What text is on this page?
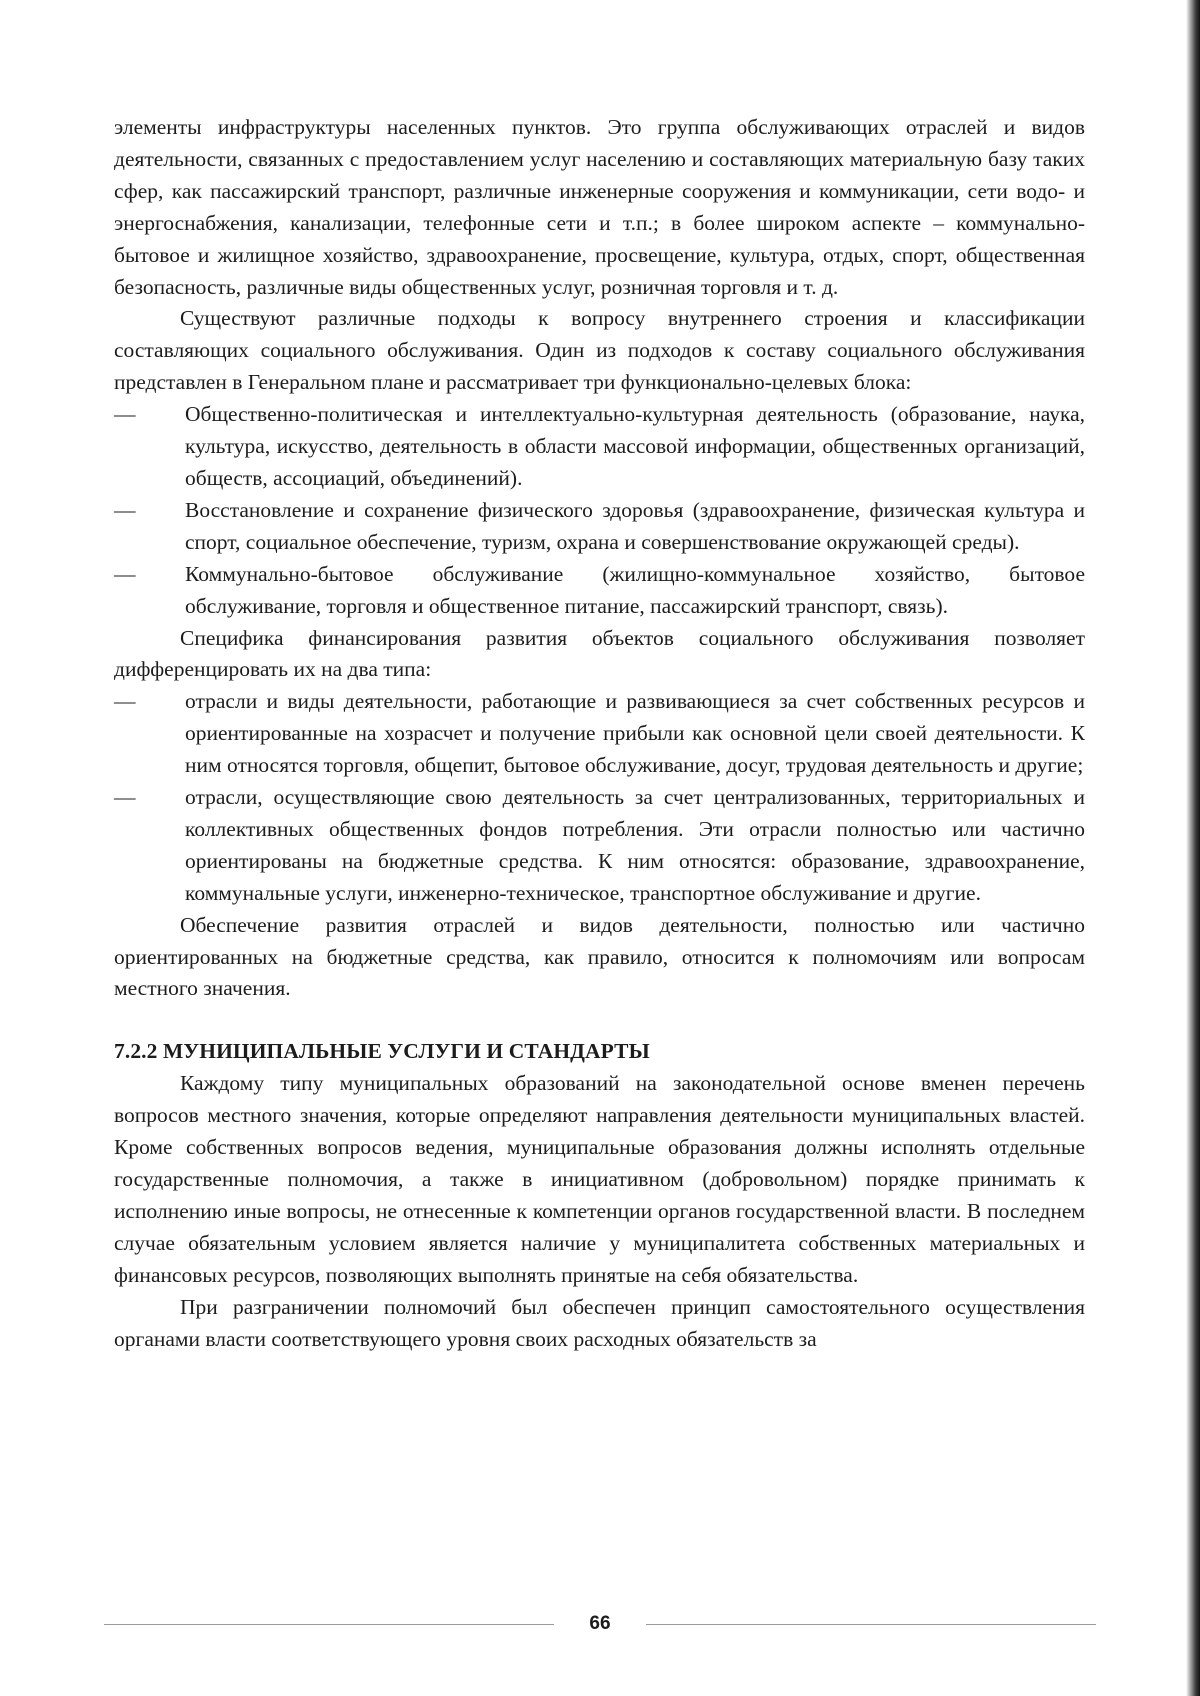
элементы инфраструктуры населенных пунктов. Это группа обслуживающих отраслей и видов деятельности, связанных с предоставлением услуг населению и составляющих материальную базу таких сфер, как пассажирский транспорт, различные инженерные сооружения и коммуникации, сети водо- и энергоснабжения, канализации, телефонные сети и т.п.; в более широком аспекте – коммунально-бытовое и жилищное хозяйство, здравоохранение, просвещение, культура, отдых, спорт, общественная безопасность, различные виды общественных услуг, розничная торговля и т. д.

Существуют различные подходы к вопросу внутреннего строения и классификации составляющих социального обслуживания. Один из подходов к составу социального обслуживания представлен в Генеральном плане и рассматривает три функционально-целевых блока:

— Общественно-политическая и интеллектуально-культурная деятельность (образование, наука, культура, искусство, деятельность в области массовой информации, общественных организаций, обществ, ассоциаций, объединений).
— Восстановление и сохранение физического здоровья (здравоохранение, физическая культура и спорт, социальное обеспечение, туризм, охрана и совершенствование окружающей среды).
— Коммунально-бытовое обслуживание (жилищно-коммунальное хозяйство, бытовое обслуживание, торговля и общественное питание, пассажирский транспорт, связь).

Специфика финансирования развития объектов социального обслуживания позволяет дифференцировать их на два типа:

— отрасли и виды деятельности, работающие и развивающиеся за счет собственных ресурсов и ориентированные на хозрасчет и получение прибыли как основной цели своей деятельности. К ним относятся торговля, общепит, бытовое обслуживание, досуг, трудовая деятельность и другие;
— отрасли, осуществляющие свою деятельность за счет централизованных, территориальных и коллективных общественных фондов потребления. Эти отрасли полностью или частично ориентированы на бюджетные средства. К ним относятся: образование, здравоохранение, коммунальные услуги, инженерно-техническое, транспортное обслуживание и другие.

Обеспечение развития отраслей и видов деятельности, полностью или частично ориентированных на бюджетные средства, как правило, относится к полномочиям или вопросам местного значения.

7.2.2 МУНИЦИПАЛЬНЫЕ УСЛУГИ И СТАНДАРТЫ

Каждому типу муниципальных образований на законодательной основе вменен перечень вопросов местного значения, которые определяют направления деятельности муниципальных властей. Кроме собственных вопросов ведения, муниципальные образования должны исполнять отдельные государственные полномочия, а также в инициативном (добровольном) порядке принимать к исполнению иные вопросы, не отнесенные к компетенции органов государственной власти. В последнем случае обязательным условием является наличие у муниципалитета собственных материальных и финансовых ресурсов, позволяющих выполнять принятые на себя обязательства.

При разграничении полномочий был обеспечен принцип самостоятельного осуществления органами власти соответствующего уровня своих расходных обязательств за

66
